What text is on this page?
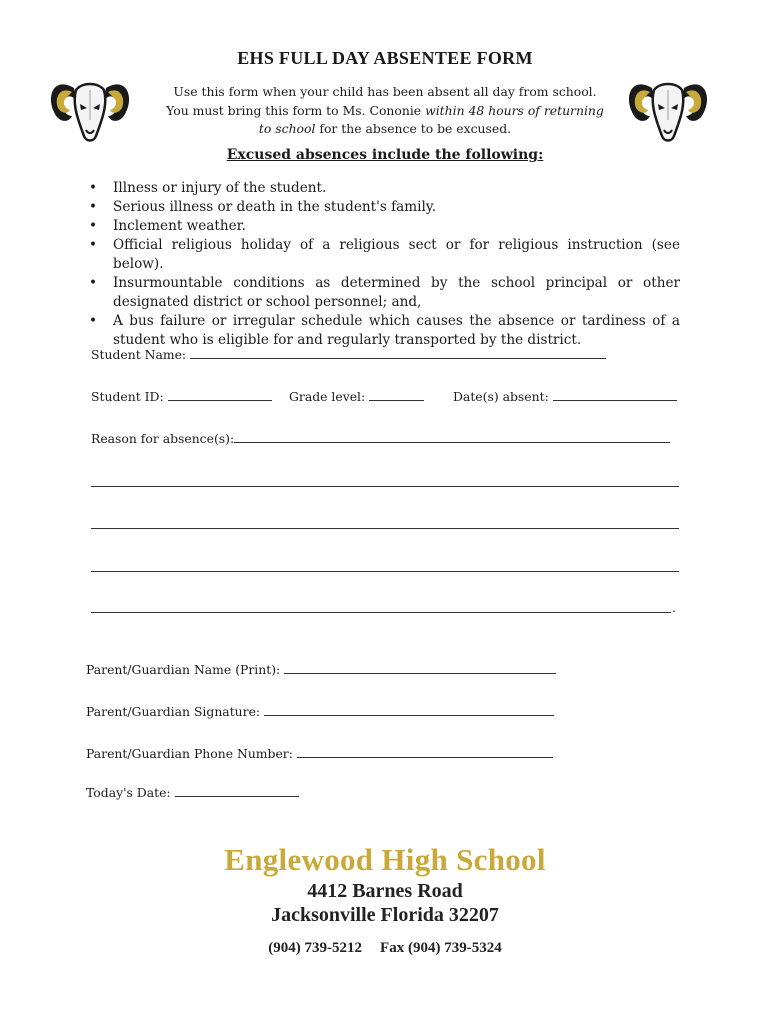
EHS FULL DAY ABSENTEE FORM
Use this form when your child has been absent all day from school.
You must bring this form to Ms. Cononie within 48 hours of returning
to school for the absence to be excused.
Excused absences include the following:
• Illness or injury of the student.
• Serious illness or death in the student's family.
• Inclement weather.
• Official religious holiday of a religious sect or for religious instruction (see below).
• Insurmountable conditions as determined by the school principal or other designated district or school personnel; and,
• A bus failure or irregular schedule which causes the absence or tardiness of a student who is eligible for and regularly transported by the district.
Student Name:
Student ID:	Grade level:	Date(s) absent:
Reason for absence(s):
.
Parent/Guardian Name (Print):
Parent/Guardian Signature:
Parent/Guardian Phone Number:
Today's Date:
Englewood High School
4412 Barnes Road
Jacksonville Florida 32207
(904) 739-5212 Fax (904) 739-5324
